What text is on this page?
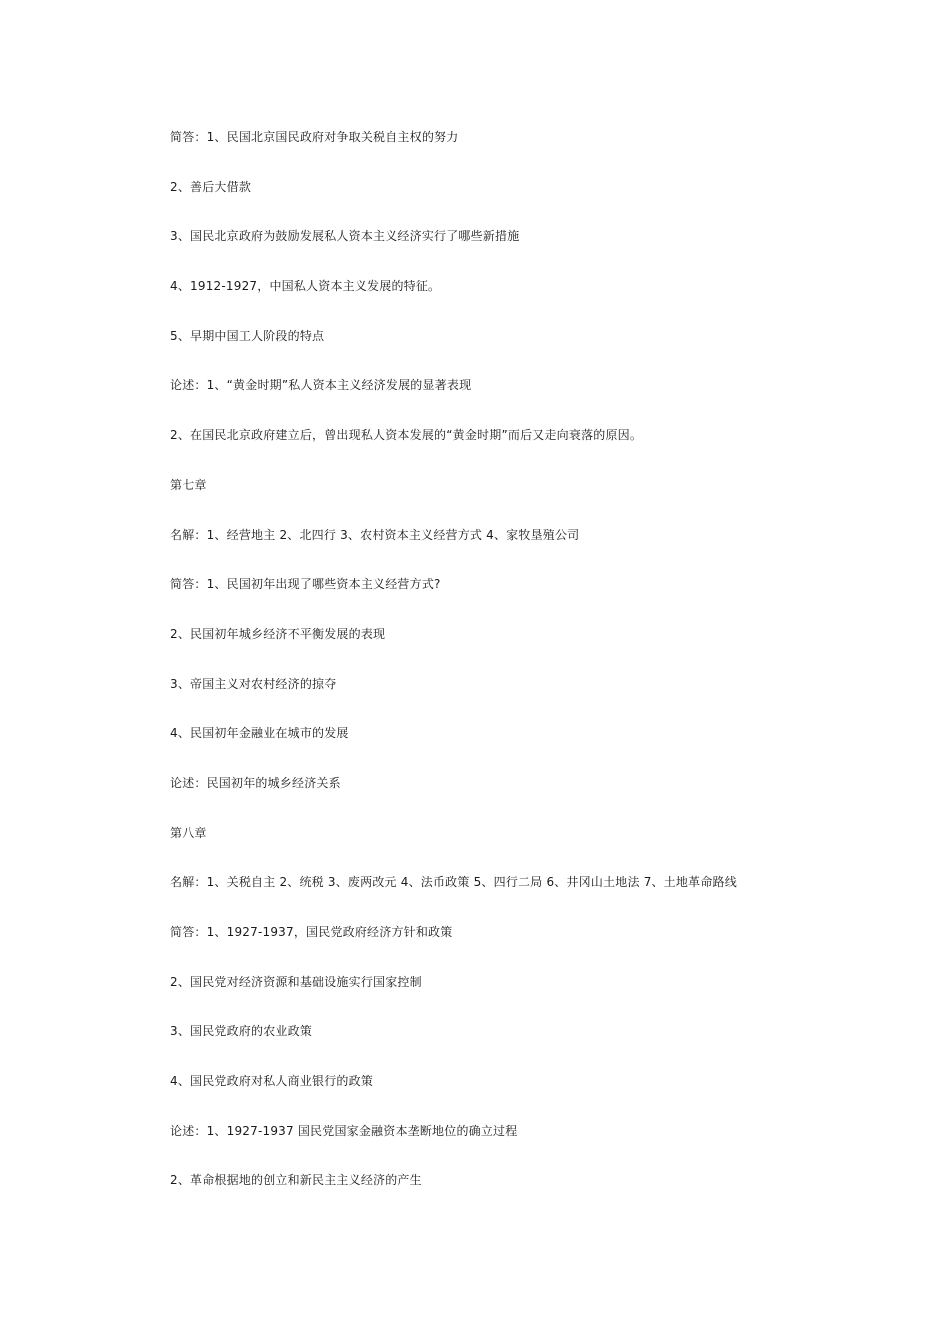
简答：1、民国北京国民政府对争取关税自主权的努力
2、善后大借款
3、国民北京政府为鼓励发展私人资本主义经济实行了哪些新措施
4、1912-1927，中国私人资本主义发展的特征。
5、早期中国工人阶段的特点
论述：1、“黄金时期”私人资本主义经济发展的显著表现
2、在国民北京政府建立后，曾出现私人资本发展的“黄金时期”而后又走向衰落的原因。
第七章
名解：1、经营地主 2、北四行 3、农村资本主义经营方式 4、家牧垦殖公司
简答：1、民国初年出现了哪些资本主义经营方式?
2、民国初年城乡经济不平衡发展的表现
3、帝国主义对农村经济的掠夺
4、民国初年金融业在城市的发展
论述：民国初年的城乡经济关系
第八章
名解：1、关税自主 2、统税 3、废两改元 4、法币政策 5、四行二局 6、井冈山土地法 7、土地革命路线
简答：1、1927-1937，国民党政府经济方针和政策
2、国民党对经济资源和基础设施实行国家控制
3、国民党政府的农业政策
4、国民党政府对私人商业银行的政策
论述：1、1927-1937 国民党国家金融资本垄断地位的确立过程
2、革命根据地的创立和新民主主义经济的产生
